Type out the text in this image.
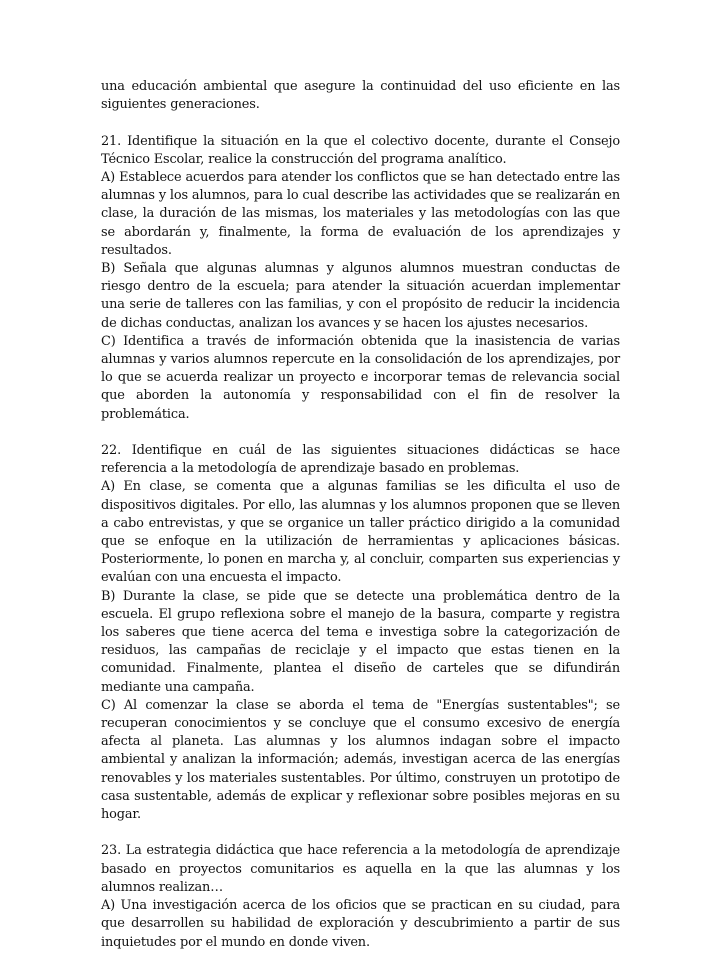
una educación ambiental que asegure la continuidad del uso eficiente en las siguientes generaciones.

21. Identifique la situación en la que el colectivo docente, durante el Consejo Técnico Escolar, realice la construcción del programa analítico.

A) Establece acuerdos para atender los conflictos que se han detectado entre las alumnas y los alumnos, para lo cual describe las actividades que se realizarán en clase, la duración de las mismas, los materiales y las metodologías con las que se abordarán y, finalmente, la forma de evaluación de los aprendizajes y resultados.

B) Señala que algunas alumnas y algunos alumnos muestran conductas de riesgo dentro de la escuela; para atender la situación acuerdan implementar una serie de talleres con las familias, y con el propósito de reducir la incidencia de dichas conductas, analizan los avances y se hacen los ajustes necesarios.

C) Identifica a través de información obtenida que la inasistencia de varias alumnas y varios alumnos repercute en la consolidación de los aprendizajes, por lo que se acuerda realizar un proyecto e incorporar temas de relevancia social que aborden la autonomía y responsabilidad con el fin de resolver la problemática.

22. Identifique en cuál de las siguientes situaciones didácticas se hace referencia a la metodología de aprendizaje basado en problemas.

A) En clase, se comenta que a algunas familias se les dificulta el uso de dispositivos digitales. Por ello, las alumnas y los alumnos proponen que se lleven a cabo entrevistas, y que se organice un taller práctico dirigido a la comunidad que se enfoque en la utilización de herramientas y aplicaciones básicas. Posteriormente, lo ponen en marcha y, al concluir, comparten sus experiencias y evalúan con una encuesta el impacto.

B) Durante la clase, se pide que se detecte una problemática dentro de la escuela. El grupo reflexiona sobre el manejo de la basura, comparte y registra los saberes que tiene acerca del tema e investiga sobre la categorización de residuos, las campañas de reciclaje y el impacto que estas tienen en la comunidad. Finalmente, plantea el diseño de carteles que se difundirán mediante una campaña.

C) Al comenzar la clase se aborda el tema de "Energías sustentables"; se recuperan conocimientos y se concluye que el consumo excesivo de energía afecta al planeta. Las alumnas y los alumnos indagan sobre el impacto ambiental y analizan la información; además, investigan acerca de las energías renovables y los materiales sustentables. Por último, construyen un prototipo de casa sustentable, además de explicar y reflexionar sobre posibles mejoras en su hogar.

23. La estrategia didáctica que hace referencia a la metodología de aprendizaje basado en proyectos comunitarios es aquella en la que las alumnas y los alumnos realizan…

A) Una investigación acerca de los oficios que se practican en su ciudad, para que desarrollen su habilidad de exploración y descubrimiento a partir de sus inquietudes por el mundo en donde viven.
